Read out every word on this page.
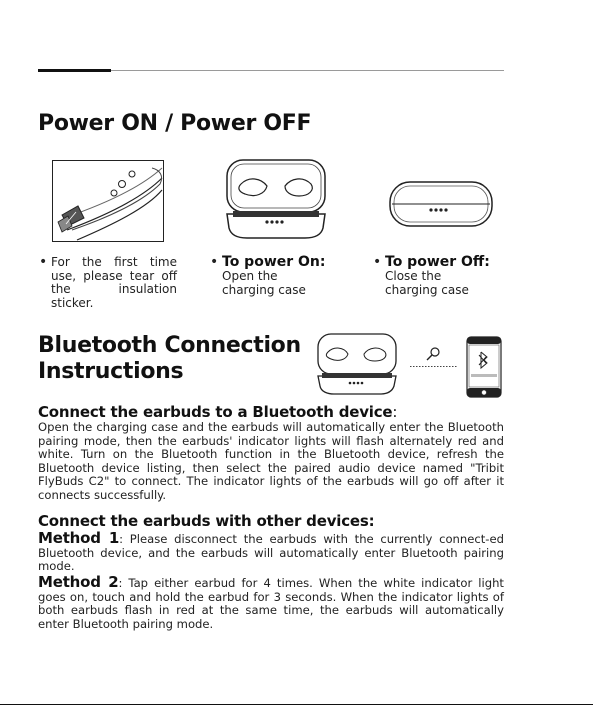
Power ON / Power OFF
• For the first time use, please tear off the insulation sticker.
• To power On:
Open the charging case
• To power Off:
Close the charging case
Bluetooth Connection
Instructions
Connect the earbuds to a Bluetooth device:
Open the charging case and the earbuds will automatically enter the Bluetooth pairing mode, then the earbuds' indicator lights will flash alternately red and white. Turn on the Bluetooth function in the Bluetooth device, refresh the Bluetooth device listing, then select the paired audio device named "Tribit FlyBuds C2" to connect. The indicator lights of the earbuds will go off after it connects successfully.
Connect the earbuds with other devices:
Method 1: Please disconnect the earbuds with the currently connect-ed Bluetooth device, and the earbuds will automatically enter Bluetooth pairing mode.
Method 2: Tap either earbud for 4 times. When the white indicator light goes on, touch and hold the earbud for 3 seconds. When the indicator lights of both earbuds flash in red at the same time, the earbuds will automatically enter Bluetooth pairing mode.
